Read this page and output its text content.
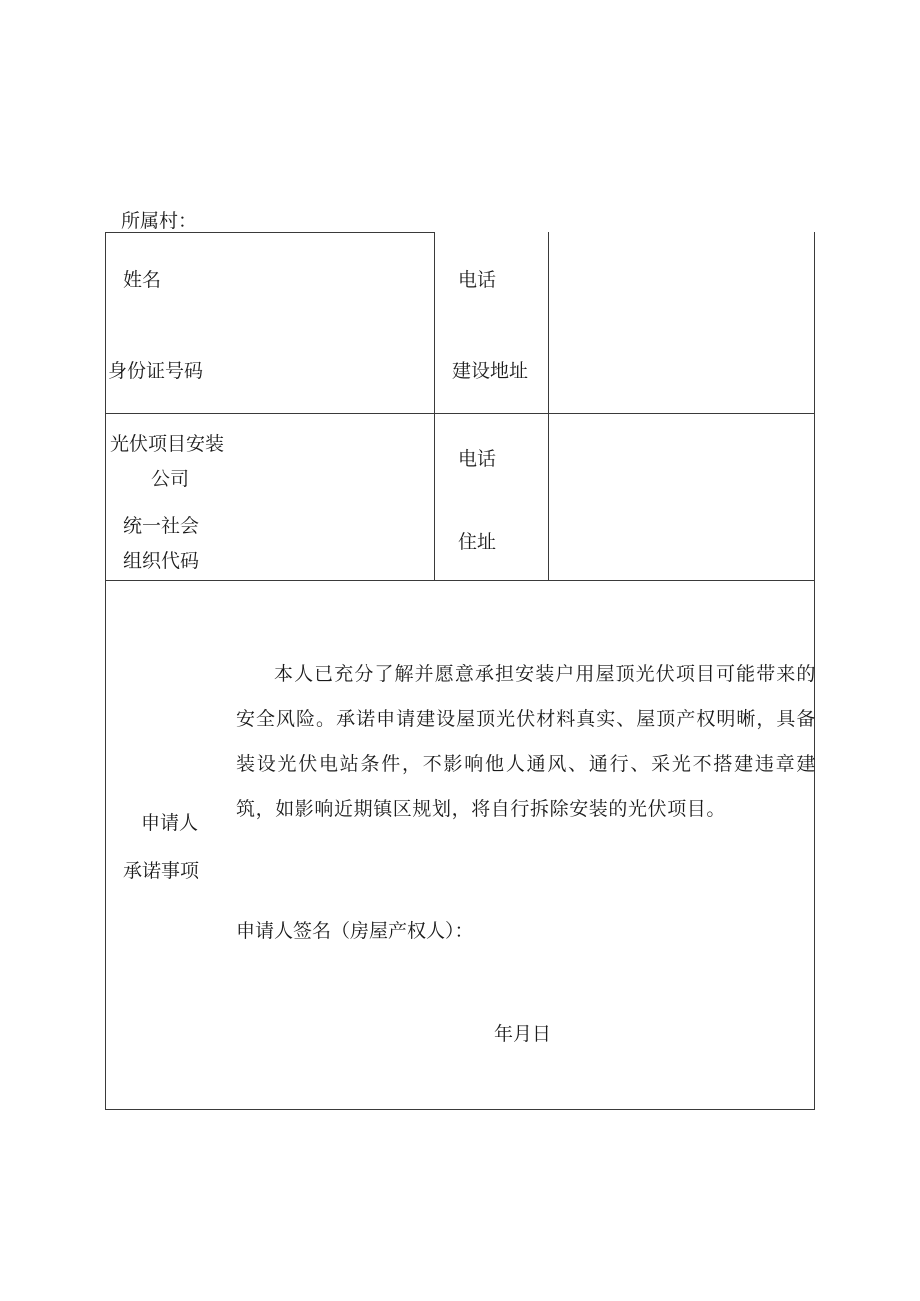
所属村：
姓名	电话
身份证号码	建设地址
光伏项目安装
公司
电话
统一社会
组织代码
住址
申请人
承诺事项
本人已充分了解并愿意承担安装户用屋顶光伏项目可能带来的安全风险。承诺申请建设屋顶光伏材料真实、屋顶产权明晰，具备装设光伏电站条件，不影响他人通风、通行、采光不搭建违章建筑，如影响近期镇区规划，将自行拆除安装的光伏项目。
申请人签名（房屋产权人）：
年月日
